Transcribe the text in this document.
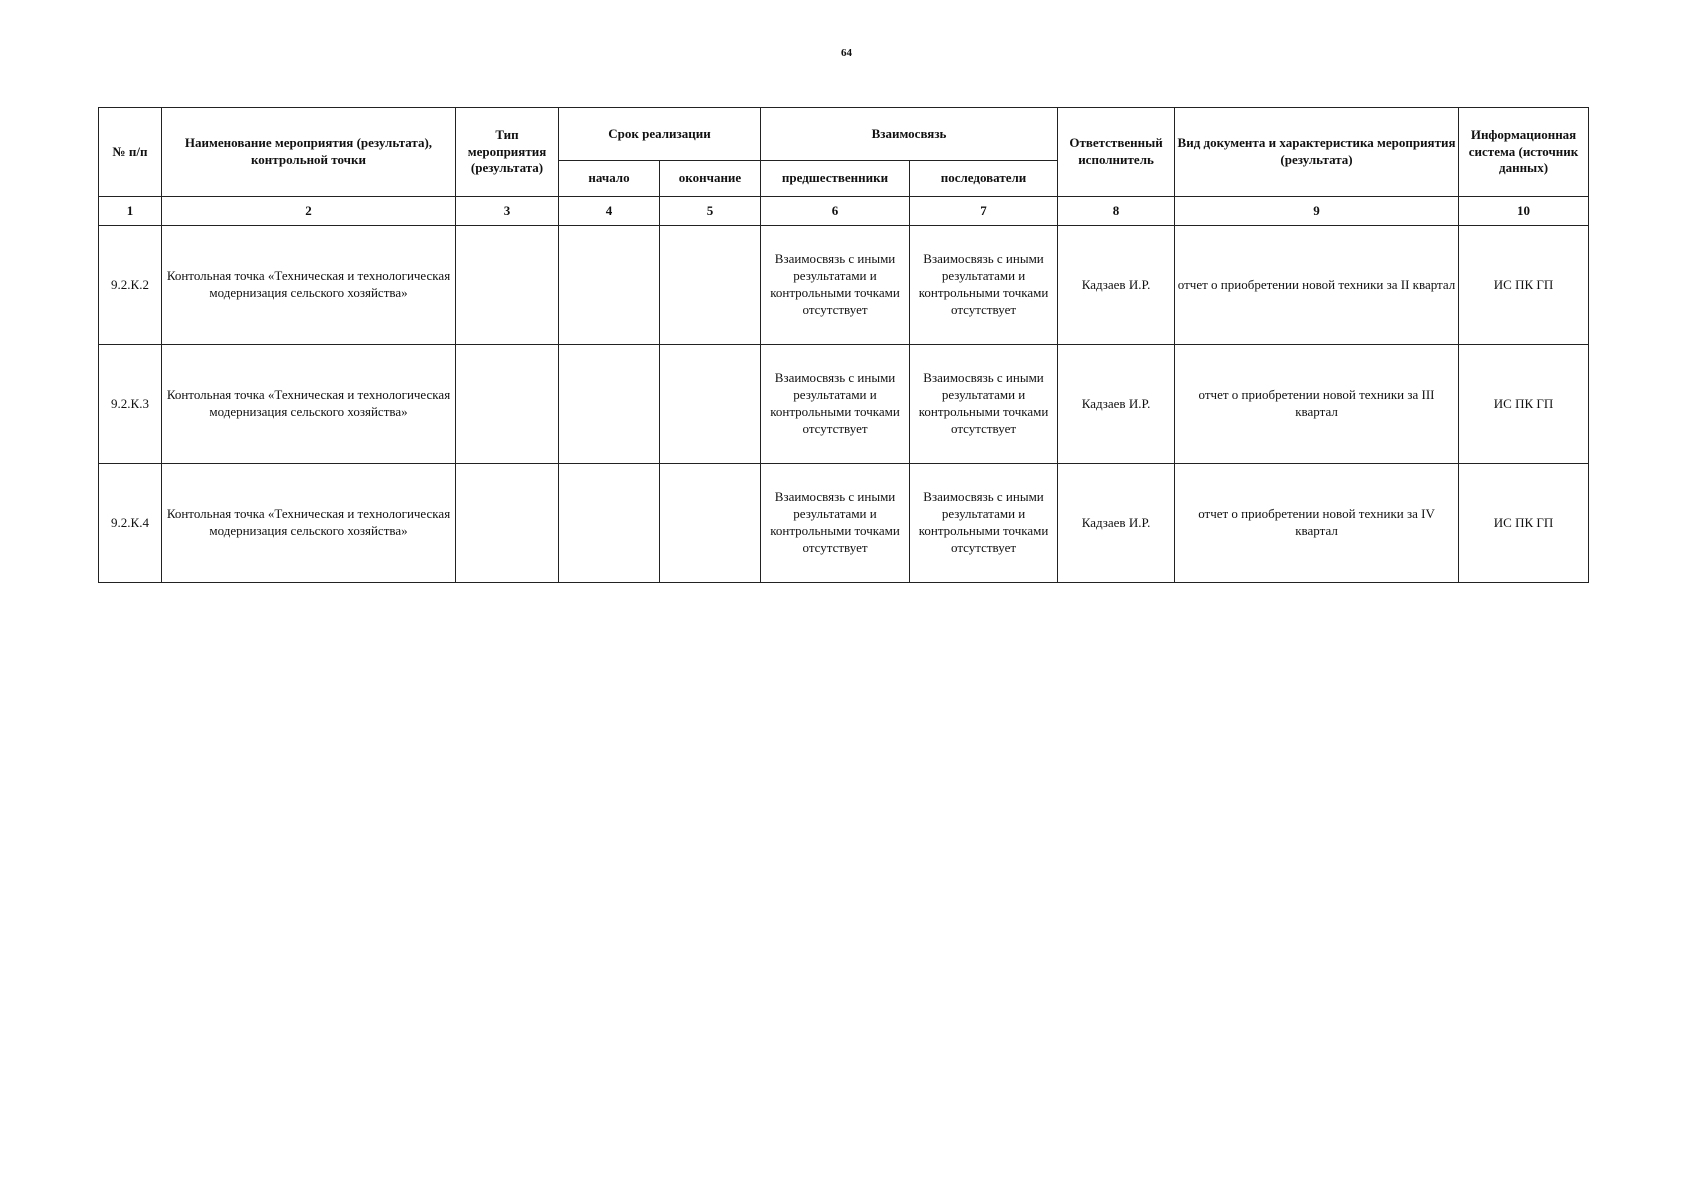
64
№ п/п	Наименование мероприятия (результата), контрольной точки	Тип мероприятия (результата)	Срок реализации		Взаимосвязь		Ответственный исполнитель	Вид документа и характеристика мероприятия (результата)	Информационная система (источник данных)
			начало	окончание	предшественники	последователи			
1	2	3	4	5	6	7	8	9	10
9.2.К.2	Контольная точка «Техническая и технологическая модернизация сельского хозяйства»				Взаимосвязь с иными результатами и контрольными точками отсутствует	Взаимосвязь с иными результатами и контрольными точками отсутствует	Кадзаев И.Р.	отчет о приобретении новой техники за II квартал	ИС ПК ГП
9.2.К.3	Контольная точка «Техническая и технологическая модернизация сельского хозяйства»				Взаимосвязь с иными результатами и контрольными точками отсутствует	Взаимосвязь с иными результатами и контрольными точками отсутствует	Кадзаев И.Р.	отчет о приобретении новой техники за III квартал	ИС ПК ГП
9.2.К.4	Контольная точка «Техническая и технологическая модернизация сельского хозяйства»				Взаимосвязь с иными результатами и контрольными точками отсутствует	Взаимосвязь с иными результатами и контрольными точками отсутствует	Кадзаев И.Р.	отчет о приобретении новой техники за IV квартал	ИС ПК ГП
